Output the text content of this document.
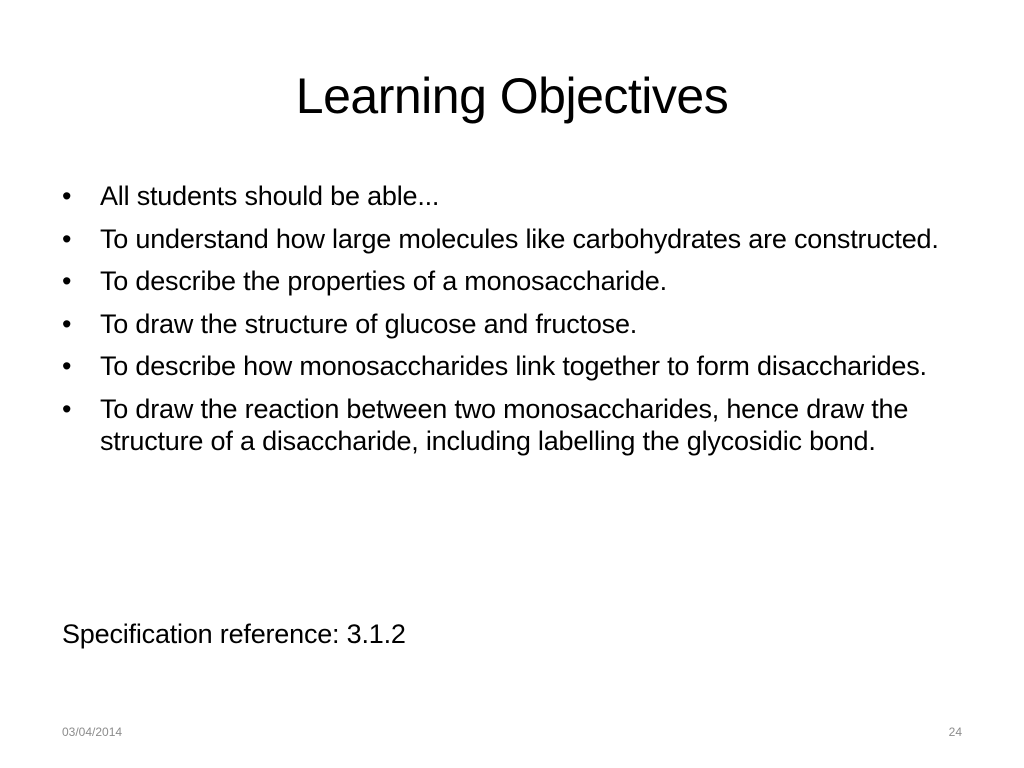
Learning Objectives
• All students should be able...
• To understand how large molecules like carbohydrates are constructed.
• To describe the properties of a monosaccharide.
• To draw the structure of glucose and fructose.
• To describe how monosaccharides link together to form disaccharides.
• To draw the reaction between two monosaccharides, hence draw the structure of a disaccharide, including labelling the glycosidic bond.
Specification reference: 3.1.2
03/04/2014	24
